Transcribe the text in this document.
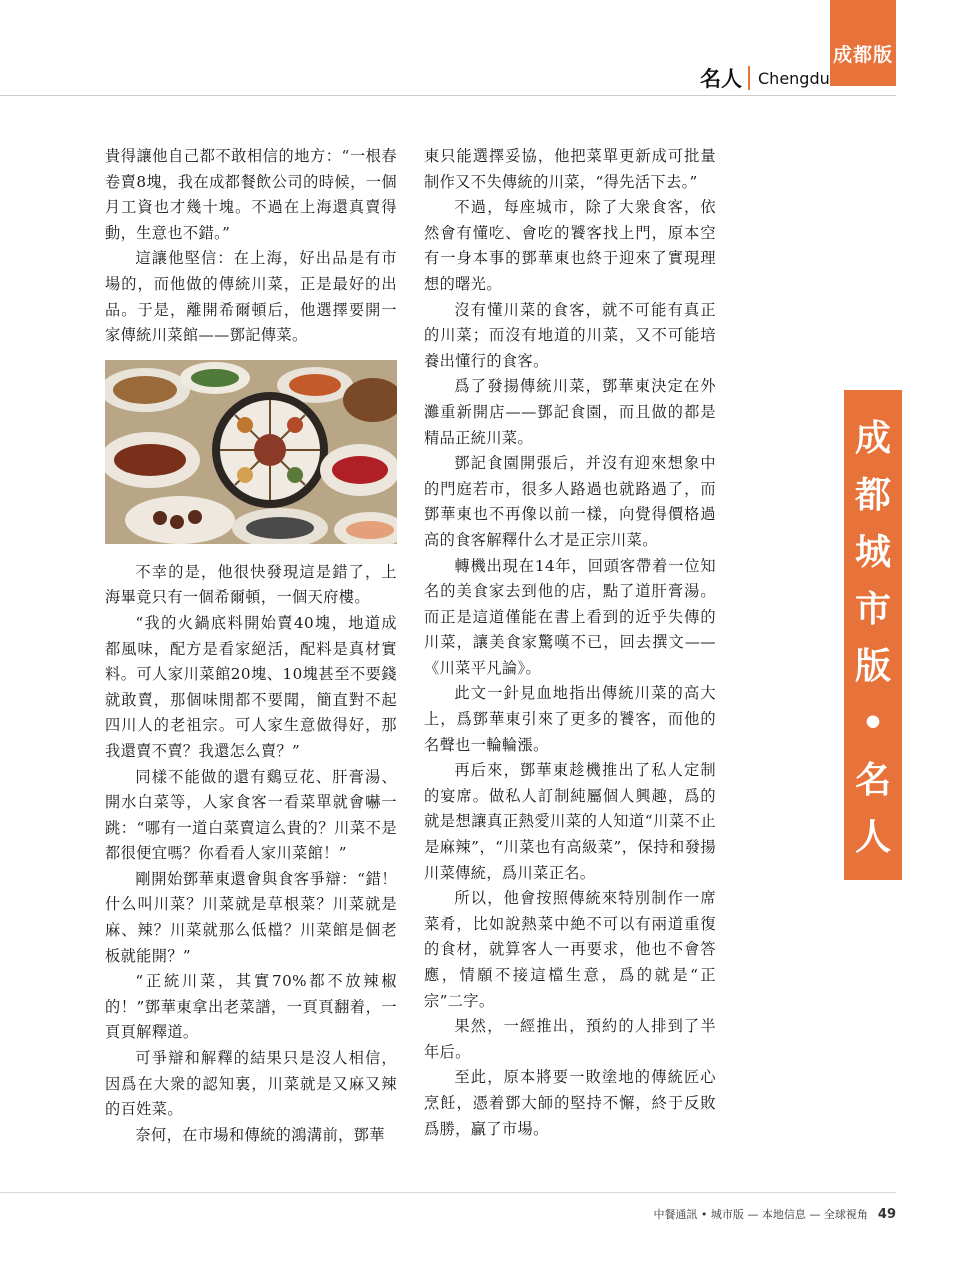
成都版
名人 Chengdu

貴得讓他自己都不敢相信的地方：“一根春卷賣8塊，我在成都餐飲公司的時候，一個月工資也才幾十塊。不過在上海還真賣得動，生意也不錯。”

這讓他堅信：在上海，好出品是有市場的，而他做的傳統川菜，正是最好的出品。于是，離開希爾頓后，他選擇要開一家傳統川菜館——鄧記傳菜。

不幸的是，他很快發現這是錯了，上海畢竟只有一個希爾頓，一個天府樓。

“我的火鍋底料開始賣40塊，地道成都風味，配方是看家絕活，配料是真材實料。可人家川菜館20塊、10塊甚至不要錢就敢賣，那個味閒都不要聞，簡直對不起四川人的老祖宗。可人家生意做得好，那我還賣不賣？我還怎么賣？”

同樣不能做的還有鷄豆花、肝膏湯、開水白菜等，人家食客一看菜單就會嚇一跳：“哪有一道白菜賣這么貴的？川菜不是都很便宜嗎？你看看人家川菜館！”

剛開始鄧華東還會與食客爭辯：“錯！什么叫川菜？川菜就是草根菜？川菜就是麻、辣？川菜就那么低檔？川菜館是個老板就能開？”

“正統川菜，其實70%都不放辣椒的！”鄧華東拿出老菜譜，一頁頁翻着，一頁頁解釋道。

可爭辯和解釋的結果只是沒人相信，因爲在大衆的認知裏，川菜就是又麻又辣的百姓菜。

奈何，在市場和傳統的鴻溝前，鄧華

東只能選擇妥協，他把菜單更新成可批量制作又不失傳統的川菜，“得先活下去。”

不過，每座城市，除了大衆食客，依然會有懂吃、會吃的饕客找上門，原本空有一身本事的鄧華東也終于迎來了實現理想的曙光。

沒有懂川菜的食客，就不可能有真正的川菜；而沒有地道的川菜，又不可能培養出懂行的食客。

爲了發揚傳統川菜，鄧華東決定在外灘重新開店——鄧記食園，而且做的都是精品正統川菜。

鄧記食園開張后，并沒有迎來想象中的門庭若市，很多人路過也就路過了，而鄧華東也不再像以前一樣，向覺得價格過高的食客解釋什么才是正宗川菜。

轉機出現在14年，回頭客帶着一位知名的美食家去到他的店，點了道肝膏湯。而正是這道僅能在書上看到的近乎失傳的川菜，讓美食家驚嘆不已，回去撰文——《川菜平凡論》。

此文一針見血地指出傳統川菜的高大上，爲鄧華東引來了更多的饕客，而他的名聲也一輪輪漲。

再后來，鄧華東趁機推出了私人定制的宴席。做私人訂制純屬個人興趣，爲的就是想讓真正熱愛川菜的人知道“川菜不止是麻辣”，“川菜也有高級菜”，保持和發揚川菜傳統，爲川菜正名。

所以，他會按照傳統來特別制作一席菜肴，比如說熱菜中絶不可以有兩道重復的食材，就算客人一再要求，他也不會答應，情願不接這檔生意，爲的就是“正宗”二字。

果然，一經推出，預約的人排到了半年后。

至此，原本將要一敗塗地的傳統匠心烹飪，憑着鄧大師的堅持不懈，終于反敗爲勝，贏了市場。

成
都
城
市
版
•
名
人
中餐通訊 • 城市版 — 本地信息 — 全球視角 49
